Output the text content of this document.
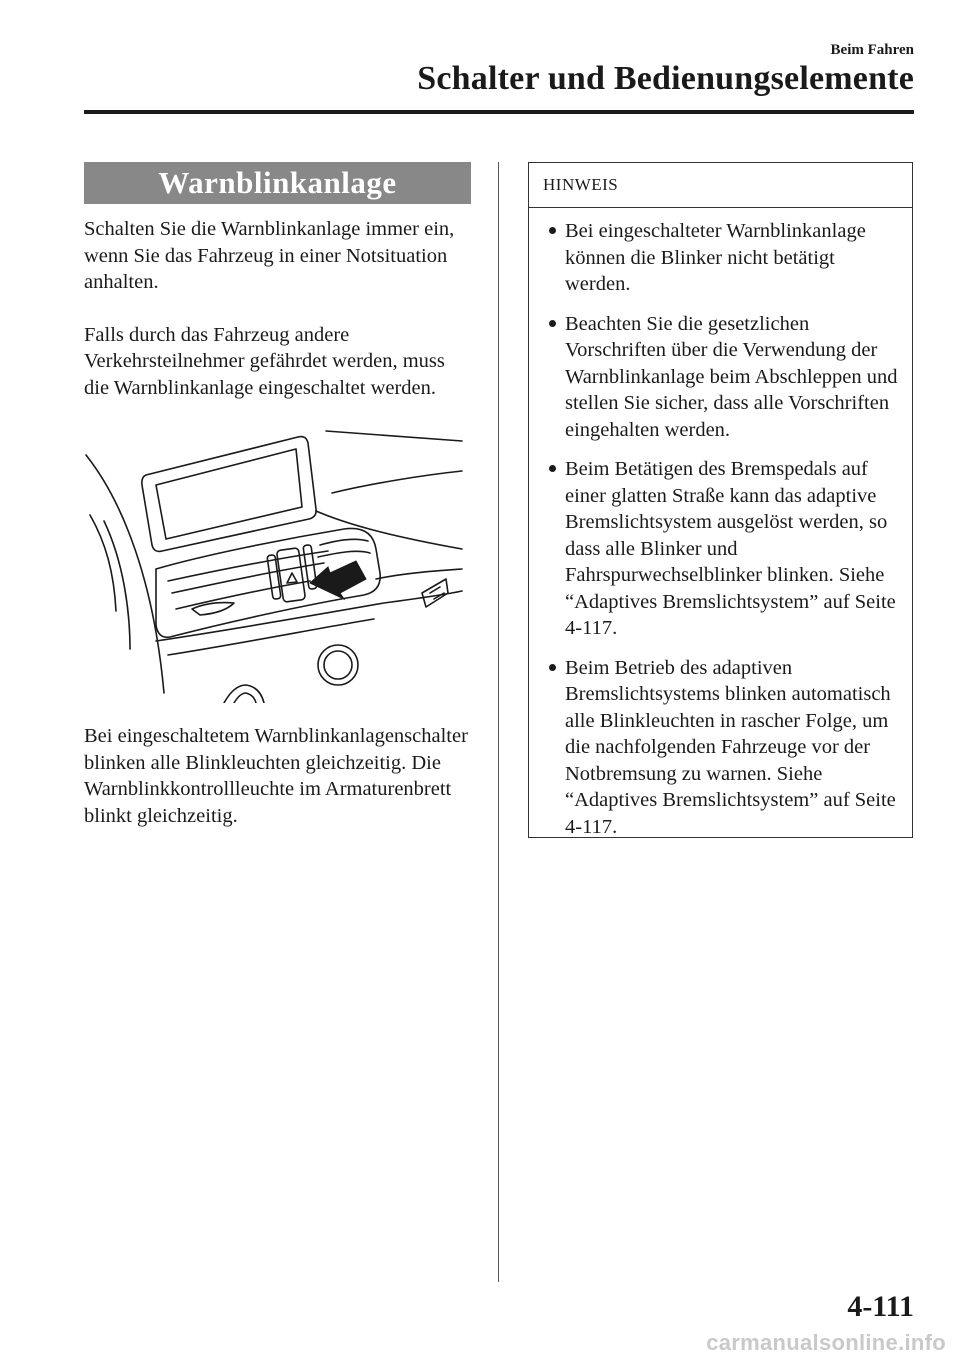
Beim Fahren
Schalter und Bedienungselemente
Warnblinkanlage

Schalten Sie die Warnblinkanlage immer ein, wenn Sie das Fahrzeug in einer Notsituation anhalten.

Falls durch das Fahrzeug andere Verkehrsteilnehmer gefährdet werden, muss die Warnblinkanlage eingeschaltet werden.

Bei eingeschaltetem Warnblinkanlagenschalter blinken alle Blinkleuchten gleichzeitig. Die Warnblinkkontrollleuchte im Armaturenbrett blinkt gleichzeitig.

HINWEIS
Bei eingeschalteter Warnblinkanlage können die Blinker nicht betätigt werden.
Beachten Sie die gesetzlichen Vorschriften über die Verwendung der Warnblinkanlage beim Abschleppen und stellen Sie sicher, dass alle Vorschriften eingehalten werden.
Beim Betätigen des Bremspedals auf einer glatten Straße kann das adaptive Bremslichtsystem ausgelöst werden, so dass alle Blinker und Fahrspurwechselblinker blinken. Siehe “Adaptives Bremslichtsystem” auf Seite 4-117.
Beim Betrieb des adaptiven Bremslichtsystems blinken automatisch alle Blinkleuchten in rascher Folge, um die nachfolgenden Fahrzeuge vor der Notbremsung zu warnen. Siehe “Adaptives Bremslichtsystem” auf Seite 4-117.
4-111
carmanualsonline.info
